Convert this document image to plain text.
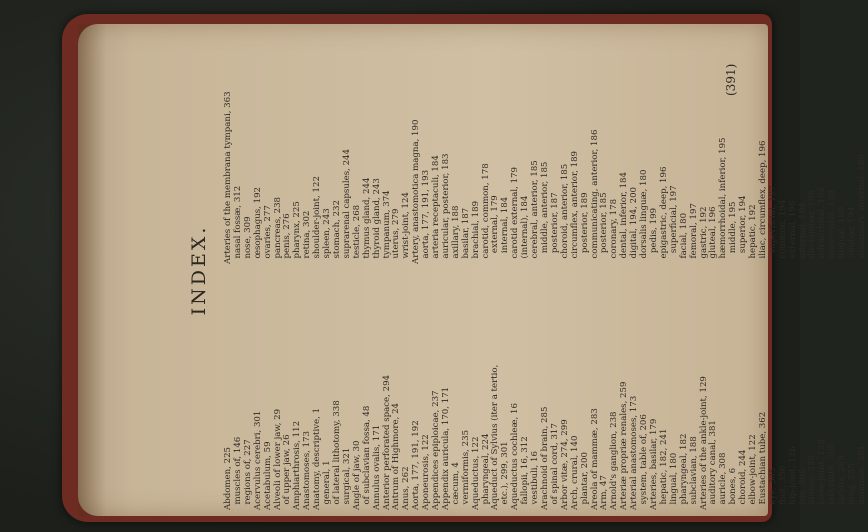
INDEX.
Abdomen, 225 muscles of, 146 regions of, 227 Acervulus cerebri, 301 Acetabulum, 59 Alveoli of lower jaw, 29 of upper jaw, 26 Amphiarthrosis, 112 Anastomoses, 173 Anatomy, descriptive, 1 general, 1 of lateral lithotomy, 338 surgical, 321 Angle of jaw, 30 of subclavian fossa, 48 Annulus ovalis, 171 Anterior perforated space, 294 Antrum of Highmore, 24 Anus, 262 Aorta, 177, 191, 192 Aponeurosis, 122 Appendices epiploicae, 237 Appendix auricula, 170, 171 cæcum, 4 vermiformis, 235 Aqueductus, 122 pharyngeal, 224 Aqueduct of Sylvius (iter a tertio, etc.), 299, 301 Aqueductus cochleæ, 16 fallopii, 16, 312 vestibuli, 16 Arachnoid of brain, 285 of spinal cord, 317 Arbor vitæ, 274, 299 Arch, crural, 140 plantar, 200 Areola of mammæ, 283 Arm, 47 Arnold's ganglion, 238 Arteriæ propriæ renales, 259 Arterial anastomoses, 173 system, table of, 206 Arteries, basilar, 179 hepatic, 182, 241 lingual, 180 pharyngeal, 182 subclavian, 188 Arteries of the ankle-joint, 129 auditory canal, 381 auricle, 308 bones, 6 choroid, 244 elbow-joint, 122 Eustachian tube, 362 eye, 305 foot, 356 hip-joint, 126 iris, 306 kidney, 259 knee-joint, 128 labyrinth, 365 larynx, 269 lung, 255 mammæ, 281
Arteries of the membrana tympani, 363 nasal fossæ, 312 nose, 309 œsophagus, 192 ovaries, 277 pancreas, 238 penis, 276 pharynx, 225 retina, 302 shoulder-joint, 122 spleen, 243 stomach, 232 suprarenal capsules, 244 testicle, 268 thymus gland, 244 thyroid gland, 243 tympanum, 374 uterus, 279 wrist-joint, 124 Artery, anastomotica magna, 190 aorta, 177, 191, 193 arteria receptaculi, 184 auricular, posterior, 183 axillary, 188 basilar, 187 brachial, 189 carotid, common, 178 external, 179 internal, 184 carotid external, 179 (internal), 184 cerebral, anterior, 185 middle, anterior, 185 posterior, 187 choroid, anterior, 185 circumflex, anterior, 189 posterior, 189 communicating, anterior, 186 posterior, 185 coronary, 178 dental, inferior, 184 digital, 194, 200 dorsalis linguæ, 180 pedis, 199 epigastric, deep, 196 superficial, 197 facial, 180 femoral, 197 gastric, 192 gluteal, 196 hæmorrhoidal, inferior, 195 middle, 195 superior, 194 hepatic, 192 iliac, circumflex, deep, 196 superficial, 197 common, 194 external, 196 internal, 194 ilio-lumbar, 196 infraorbital, 184 intercostal, 188 lingual, 180 lumbar, 194 mammary, internal, 188
(391)
